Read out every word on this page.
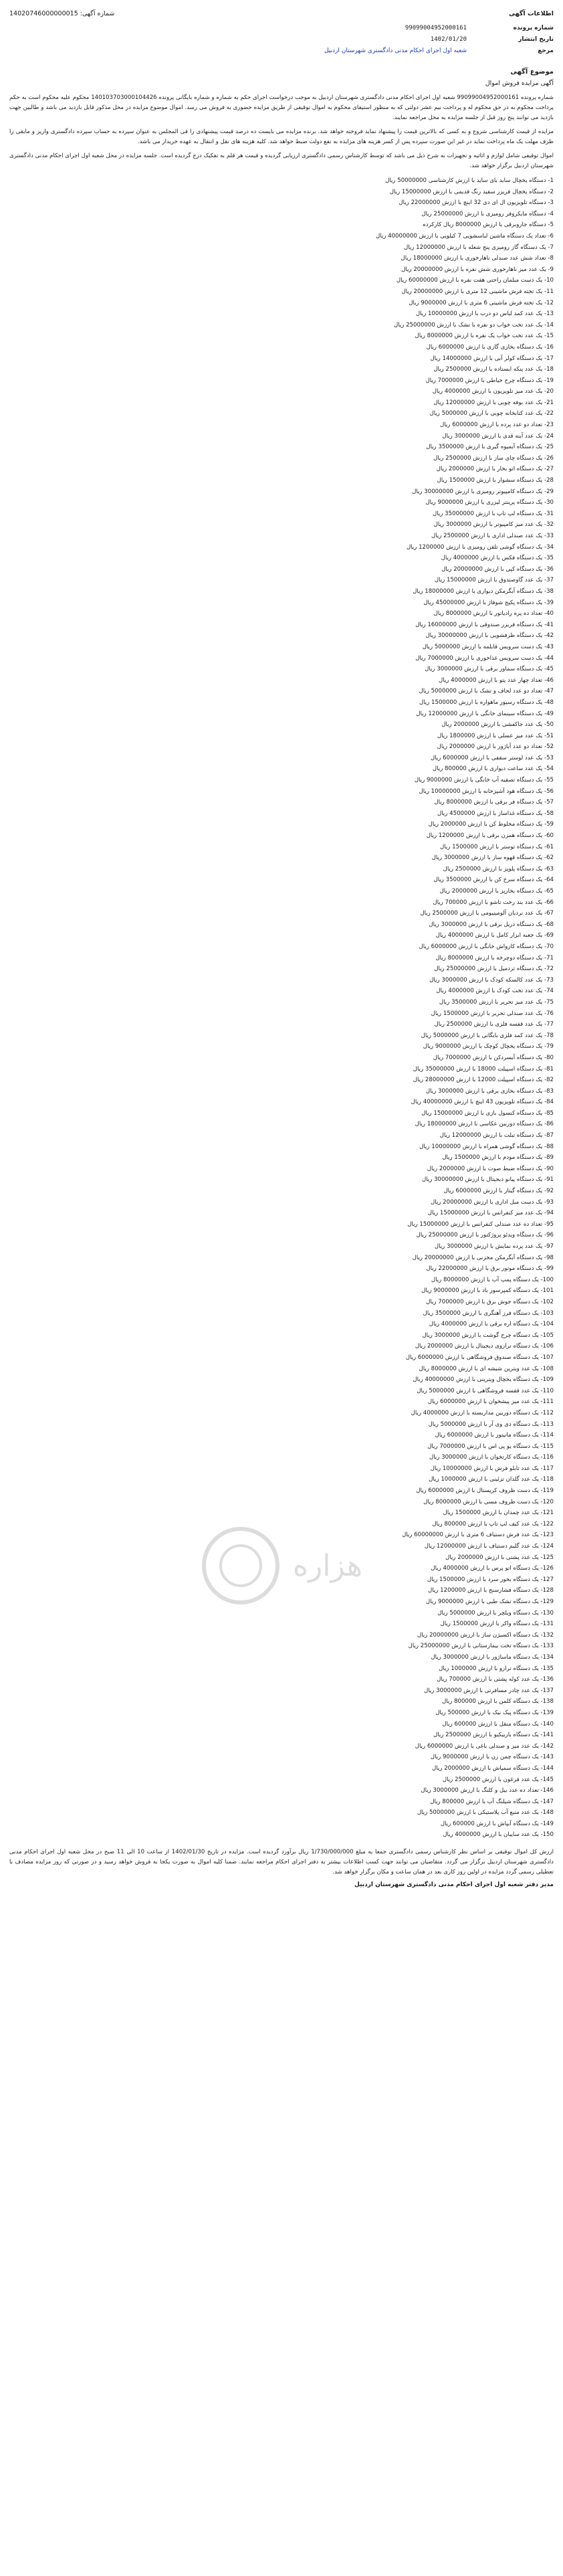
اطلاعات آگهی
شماره آگهی: 14020746000000015
شماره پرونده
99099004952000161
تاریخ انتشار
1402/01/20
مرجع
شعبه اول اجرای احکام مدنی دادگستری شهرستان اردبیل
موضوع آگهی
آگهی مزایده فروش اموال
شماره پرونده 99099004952000161 شعبه اول اجرای احکام مدنی دادگستری شهرستان اردبیل به موجب درخواست اجرای حکم به شماره و شماره بایگانی پرونده 140103703000104426 محکوم علیه محکوم است به حکم پرداخت محکوم به در حق محکوم له و پرداخت نیم عشر دولتی که به منظور استیفای محکوم به اموال توقیفی از طریق مزایده حضوری به فروش می رسد. اموال موضوع مزایده در محل مذکور قابل بازدید می باشد و طالبین جهت بازدید می توانند پنج روز قبل از جلسه مزایده به محل مراجعه نمایند.
مزایده از قیمت کارشناسی شروع و به کسی که بالاترین قیمت را پیشنهاد نماید فروخته خواهد شد. برنده مزایده می بایست ده درصد قیمت پیشنهادی را فی المجلس به عنوان سپرده به حساب سپرده دادگستری واریز و مابقی را ظرف مهلت یک ماه پرداخت نماید در غیر این صورت سپرده پس از کسر هزینه های مزایده به نفع دولت ضبط خواهد شد. کلیه هزینه های نقل و انتقال به عهده خریدار می باشد.
اموال توقیفی شامل لوازم و اثاثیه و تجهیزات به شرح ذیل می باشد که توسط کارشناس رسمی دادگستری ارزیابی گردیده و قیمت هر قلم به تفکیک درج گردیده است. جلسه مزایده در محل شعبه اول اجرای احکام مدنی دادگستری شهرستان اردبیل برگزار خواهد شد.
1- دستگاه یخچال ساید بای ساید با ارزش کارشناسی 50000000 ریال
2- دستگاه یخچال فریزر سفید رنگ قدیمی با ارزش 15000000 ریال
3- دستگاه تلویزیون ال ای دی 32 اینچ با ارزش 22000000 ریال
4- دستگاه مایکروفر رومیزی با ارزش 25000000 ریال
5- دستگاه جاروبرقی با ارزش 8000000 ریال کارکرده
6- تعداد یک دستگاه ماشین لباسشویی 7 کیلویی با ارزش 40000000 ریال
7- یک دستگاه گاز رومیزی پنج شعله با ارزش 12000000 ریال
8- تعداد شش عدد صندلی ناهارخوری با ارزش 18000000 ریال
9- یک عدد میز ناهارخوری شش نفره با ارزش 20000000 ریال
10- یک دست مبلمان راحتی هفت نفره با ارزش 60000000 ریال
11- یک تخته فرش ماشینی 12 متری با ارزش 20000000 ریال
12- یک تخته فرش ماشینی 6 متری با ارزش 9000000 ریال
13- یک عدد کمد لباس دو درب با ارزش 10000000 ریال
14- یک عدد تخت خواب دو نفره با تشک با ارزش 25000000 ریال
15- یک عدد تخت خواب یک نفره با ارزش 8000000 ریال
16- یک دستگاه بخاری گازی با ارزش 6000000 ریال
17- یک دستگاه کولر آبی با ارزش 14000000 ریال
18- یک عدد پنکه ایستاده با ارزش 2500000 ریال
19- یک دستگاه چرخ خیاطی با ارزش 7000000 ریال
20- یک عدد میز تلویزیون با ارزش 4000000 ریال
21- یک عدد بوفه چوبی با ارزش 12000000 ریال
22- یک عدد کتابخانه چوبی با ارزش 5000000 ریال
23- تعداد دو عدد پرده با ارزش 6000000 ریال
24- یک عدد آینه قدی با ارزش 3000000 ریال
25- یک دستگاه آبمیوه گیری با ارزش 3500000 ریال
26- یک دستگاه چای ساز با ارزش 2500000 ریال
27- یک دستگاه اتو بخار با ارزش 2000000 ریال
28- یک دستگاه سشوار با ارزش 1500000 ریال
29- یک دستگاه کامپیوتر رومیزی با ارزش 30000000 ریال
30- یک دستگاه پرینتر لیزری با ارزش 9000000 ریال
31- یک دستگاه لپ تاپ با ارزش 35000000 ریال
32- یک عدد میز کامپیوتر با ارزش 3000000 ریال
33- یک عدد صندلی اداری با ارزش 2500000 ریال
34- یک دستگاه گوشی تلفن رومیزی با ارزش 1200000 ریال
35- یک دستگاه فکس با ارزش 4000000 ریال
36- یک دستگاه کپی با ارزش 20000000 ریال
37- یک عدد گاوصندوق با ارزش 15000000 ریال
38- یک دستگاه آبگرمکن دیواری با ارزش 18000000 ریال
39- یک دستگاه پکیج شوفاژ با ارزش 45000000 ریال
40- تعداد ده پره رادیاتور با ارزش 8000000 ریال
41- یک دستگاه فریزر صندوقی با ارزش 16000000 ریال
42- یک دستگاه ظرفشویی با ارزش 30000000 ریال
43- یک دست سرویس قابلمه با ارزش 5000000 ریال
44- یک دست سرویس غذاخوری با ارزش 7000000 ریال
45- یک دستگاه سماور برقی با ارزش 3000000 ریال
46- تعداد چهار عدد پتو با ارزش 4000000 ریال
47- تعداد دو عدد لحاف و تشک با ارزش 5000000 ریال
48- یک دستگاه رسیور ماهواره با ارزش 1500000 ریال
49- یک دستگاه سینمای خانگی با ارزش 12000000 ریال
50- یک عدد جاکفشی با ارزش 2000000 ریال
51- یک عدد میز عسلی با ارزش 1800000 ریال
52- تعداد دو عدد آباژور با ارزش 2000000 ریال
53- یک عدد لوستر سقفی با ارزش 6000000 ریال
54- یک عدد ساعت دیواری با ارزش 800000 ریال
55- یک دستگاه تصفیه آب خانگی با ارزش 9000000 ریال
56- یک دستگاه هود آشپزخانه با ارزش 10000000 ریال
57- یک دستگاه فر برقی با ارزش 8000000 ریال
58- یک دستگاه غذاساز با ارزش 4500000 ریال
59- یک دستگاه مخلوط کن با ارزش 2000000 ریال
60- یک دستگاه همزن برقی با ارزش 1200000 ریال
61- یک دستگاه توستر با ارزش 1500000 ریال
62- یک دستگاه قهوه ساز با ارزش 3000000 ریال
63- یک دستگاه پلوپز با ارزش 2500000 ریال
64- یک دستگاه سرخ کن با ارزش 3500000 ریال
65- یک دستگاه بخارپز با ارزش 2000000 ریال
66- یک عدد بند رخت تاشو با ارزش 700000 ریال
67- یک عدد نردبان آلومینیومی با ارزش 2500000 ریال
68- یک دستگاه دریل برقی با ارزش 3000000 ریال
69- یک جعبه ابزار کامل با ارزش 4000000 ریال
70- یک دستگاه کارواش خانگی با ارزش 6000000 ریال
71- یک دستگاه دوچرخه با ارزش 8000000 ریال
72- یک دستگاه تردمیل با ارزش 25000000 ریال
73- یک عدد کالسکه کودک با ارزش 3000000 ریال
74- یک عدد تخت کودک با ارزش 4000000 ریال
75- یک عدد میز تحریر با ارزش 3500000 ریال
76- یک عدد صندلی تحریر با ارزش 1500000 ریال
77- یک عدد قفسه فلزی با ارزش 2500000 ریال
78- یک عدد کمد فلزی بایگانی با ارزش 5000000 ریال
79- یک دستگاه یخچال کوچک با ارزش 9000000 ریال
80- یک دستگاه آبسردکن با ارزش 7000000 ریال
81- یک دستگاه اسپیلت 18000 با ارزش 35000000 ریال
82- یک دستگاه اسپیلت 12000 با ارزش 28000000 ریال
83- یک دستگاه بخاری برقی با ارزش 3000000 ریال
84- یک دستگاه تلویزیون 43 اینچ با ارزش 40000000 ریال
85- یک دستگاه کنسول بازی با ارزش 15000000 ریال
86- یک دستگاه دوربین عکاسی با ارزش 18000000 ریال
87- یک دستگاه تبلت با ارزش 12000000 ریال
88- یک دستگاه گوشی همراه با ارزش 10000000 ریال
89- یک دستگاه مودم با ارزش 1500000 ریال
90- یک دستگاه ضبط صوت با ارزش 2000000 ریال
91- یک دستگاه پیانو دیجیتال با ارزش 30000000 ریال
92- یک دستگاه گیتار با ارزش 6000000 ریال
93- یک دست مبل اداری با ارزش 20000000 ریال
94- یک عدد میز کنفرانس با ارزش 15000000 ریال
95- تعداد ده عدد صندلی کنفرانس با ارزش 15000000 ریال
96- یک دستگاه ویدئو پروژکتور با ارزش 25000000 ریال
97- یک عدد پرده نمایش با ارزش 3000000 ریال
98- یک دستگاه آبگرمکن مخزنی با ارزش 20000000 ریال
99- یک دستگاه موتور برق با ارزش 22000000 ریال
100- یک دستگاه پمپ آب با ارزش 8000000 ریال
101- یک دستگاه کمپرسور باد با ارزش 9000000 ریال
102- یک دستگاه جوش برق با ارزش 7000000 ریال
103- یک دستگاه فرز آهنگری با ارزش 3500000 ریال
104- یک دستگاه اره برقی با ارزش 4000000 ریال
105- یک دستگاه چرخ گوشت با ارزش 3000000 ریال
106- یک دستگاه ترازوی دیجیتال با ارزش 2000000 ریال
107- یک دستگاه صندوق فروشگاهی با ارزش 6000000 ریال
108- یک عدد ویترین شیشه ای با ارزش 8000000 ریال
109- یک دستگاه یخچال ویترینی با ارزش 40000000 ریال
110- یک عدد قفسه فروشگاهی با ارزش 5000000 ریال
111- یک عدد میز پیشخوان با ارزش 6000000 ریال
112- یک دستگاه دوربین مداربسته با ارزش 4000000 ریال
113- یک دستگاه دی وی آر با ارزش 5000000 ریال
114- یک دستگاه مانیتور با ارزش 6000000 ریال
115- یک دستگاه یو پی اس با ارزش 7000000 ریال
116- یک دستگاه کارتخوان با ارزش 3000000 ریال
117- یک عدد تابلو فرش با ارزش 10000000 ریال
118- یک عدد گلدان تزئینی با ارزش 1000000 ریال
119- یک دست ظروف کریستال با ارزش 6000000 ریال
120- یک دست ظروف مسی با ارزش 8000000 ریال
121- یک عدد چمدان با ارزش 1500000 ریال
122- یک عدد کیف لپ تاپ با ارزش 800000 ریال
123- یک عدد فرش دستباف 6 متری با ارزش 60000000 ریال
124- یک عدد گلیم دستباف با ارزش 12000000 ریال
125- یک عدد پشتی با ارزش 2000000 ریال
126- یک دستگاه اتو پرس با ارزش 4000000 ریال
127- یک دستگاه بخور سرد با ارزش 1500000 ریال
128- یک دستگاه فشارسنج با ارزش 1200000 ریال
129- یک دستگاه تشک طبی با ارزش 9000000 ریال
130- یک دستگاه ویلچر با ارزش 5000000 ریال
131- یک دستگاه واکر با ارزش 1500000 ریال
132- یک دستگاه اکسیژن ساز با ارزش 20000000 ریال
133- یک دستگاه تخت بیمارستانی با ارزش 25000000 ریال
134- یک دستگاه ماساژور با ارزش 3000000 ریال
135- یک دستگاه ترازو با ارزش 1000000 ریال
136- یک عدد کوله پشتی با ارزش 700000 ریال
137- یک عدد چادر مسافرتی با ارزش 3000000 ریال
138- یک دستگاه کلمن با ارزش 800000 ریال
139- یک دستگاه پیک نیک با ارزش 500000 ریال
140- یک دستگاه منقل با ارزش 600000 ریال
141- یک دستگاه باربیکیو با ارزش 2500000 ریال
142- یک عدد میز و صندلی باغی با ارزش 6000000 ریال
143- یک دستگاه چمن زن با ارزش 9000000 ریال
144- یک دستگاه سمپاش با ارزش 2000000 ریال
145- یک عدد فرغون با ارزش 2500000 ریال
146- تعداد ده عدد بیل و کلنگ با ارزش 3000000 ریال
147- یک دستگاه شیلنگ آب با ارزش 800000 ریال
148- یک عدد منبع آب پلاستیکی با ارزش 5000000 ریال
149- یک دستگاه آبپاش با ارزش 600000 ریال
150- یک عدد سایبان با ارزش 4000000 ریال
ارزش کل اموال توقیفی بر اساس نظر کارشناس رسمی دادگستری جمعا به مبلغ 1/730/000/000 ریال برآورد گردیده است. مزایده در تاریخ 1402/01/30 از ساعت 10 الی 11 صبح در محل شعبه اول اجرای احکام مدنی دادگستری شهرستان اردبیل برگزار می گردد. متقاضیان می توانند جهت کسب اطلاعات بیشتر به دفتر اجرای احکام مراجعه نمایند. ضمنا کلیه اموال به صورت یکجا به فروش خواهد رسید و در صورتی که روز مزایده مصادف با تعطیلی رسمی گردد مزایده در اولین روز کاری بعد در همان ساعت و مکان برگزار خواهد شد.
مدیر دفتر شعبه اول اجرای احکام مدنی دادگستری شهرستان اردبیل
هزاره
